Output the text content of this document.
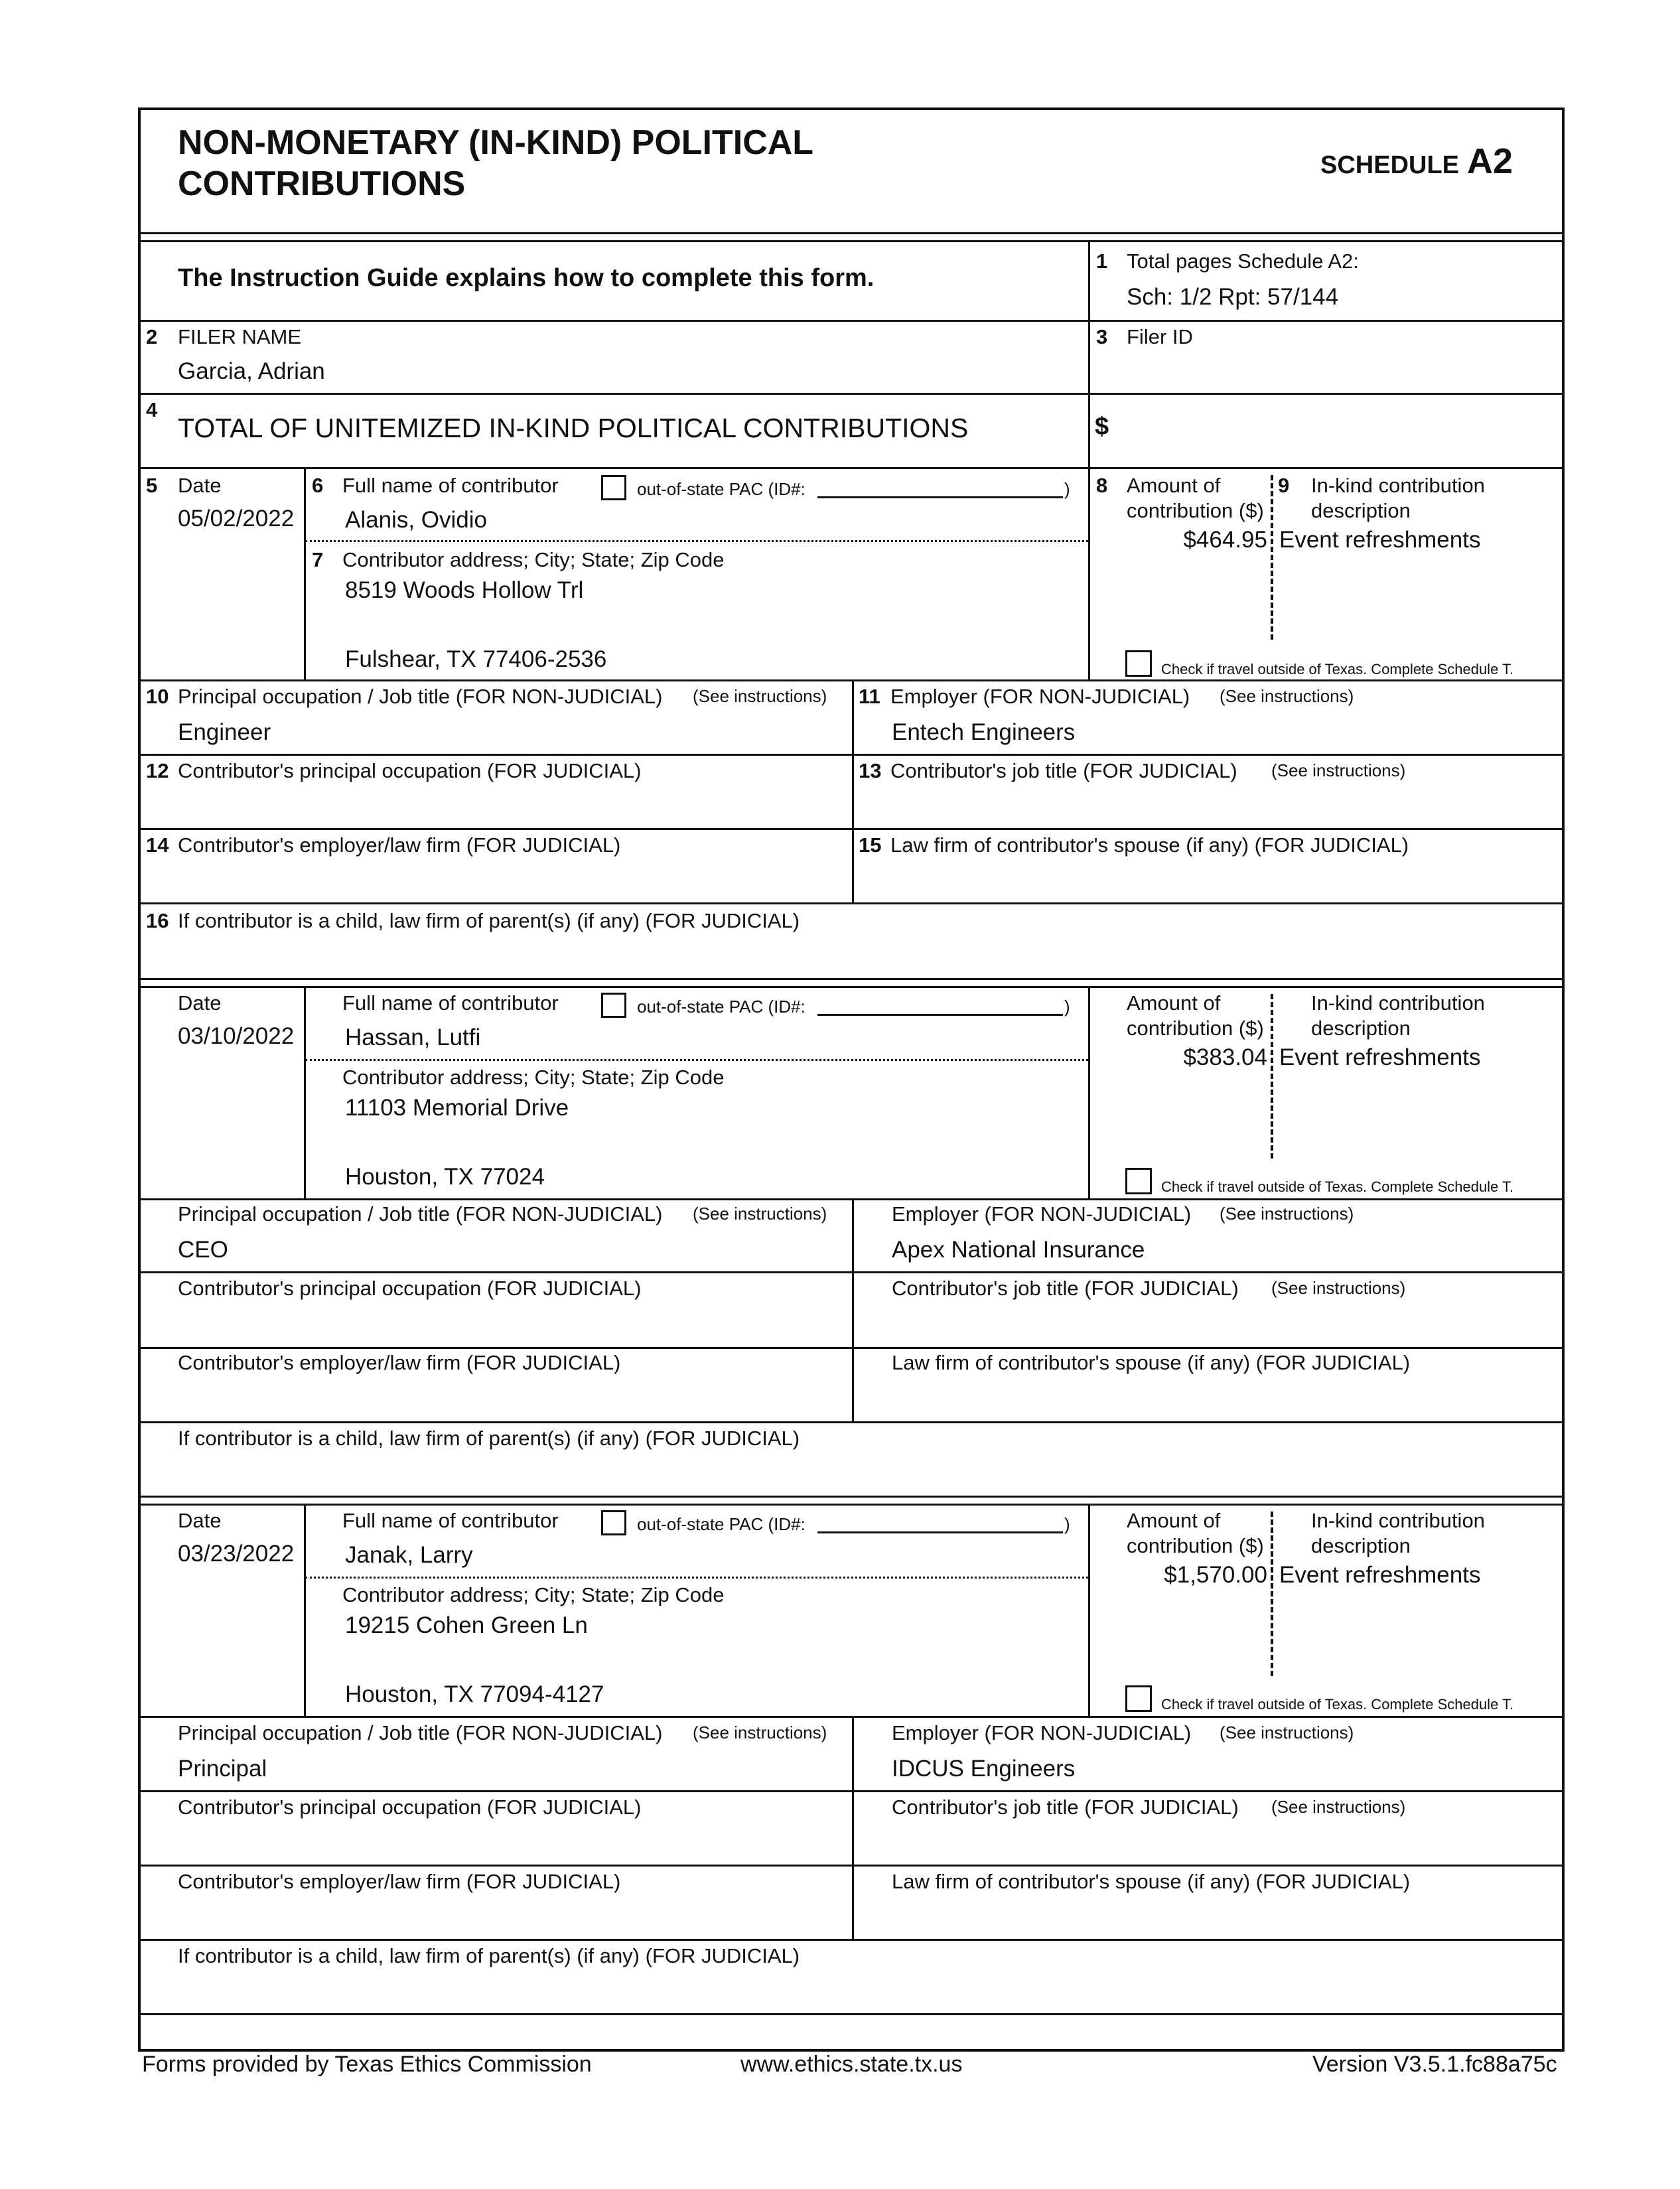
NON-MONETARY (IN-KIND) POLITICAL
CONTRIBUTIONS	SCHEDULE A2
The Instruction Guide explains how to complete this form.
1 Total pages Schedule A2:
Sch: 1/2 Rpt: 57/144
2 FILER NAME
Garcia, Adrian
3 Filer ID
4
TOTAL OF UNITEMIZED IN-KIND POLITICAL CONTRIBUTIONS	$
5 Date
05/02/2022
6 Full name of contributor	out-of-state PAC (ID#:	)
Alanis, Ovidio
7 Contributor address; City; State; Zip Code
8519 Woods Hollow Trl
Fulshear, TX 77406-2536
8 Amount of
contribution ($)
$464.95
9 In-kind contribution
description
Event refreshments
Check if travel outside of Texas. Complete Schedule T.
10 Principal occupation / Job title (FOR NON-JUDICIAL) (See instructions)
Engineer
11 Employer (FOR NON-JUDICIAL) (See instructions)
Entech Engineers
12 Contributor's principal occupation (FOR JUDICIAL)	13 Contributor's job title (FOR JUDICIAL) (See instructions)
14 Contributor's employer/law firm (FOR JUDICIAL)	15 Law firm of contributor's spouse (if any) (FOR JUDICIAL)
16 If contributor is a child, law firm of parent(s) (if any) (FOR JUDICIAL)
Date
03/10/2022
Full name of contributor	out-of-state PAC (ID#:	)
Hassan, Lutfi
Contributor address; City; State; Zip Code
11103 Memorial Drive
Houston, TX 77024
Amount of
contribution ($)
$383.04
In-kind contribution
description
Event refreshments
Check if travel outside of Texas. Complete Schedule T.
Principal occupation / Job title (FOR NON-JUDICIAL) (See instructions)
CEO
Employer (FOR NON-JUDICIAL) (See instructions)
Apex National Insurance
Contributor's principal occupation (FOR JUDICIAL)	Contributor's job title (FOR JUDICIAL) (See instructions)
Contributor's employer/law firm (FOR JUDICIAL)	Law firm of contributor's spouse (if any) (FOR JUDICIAL)
If contributor is a child, law firm of parent(s) (if any) (FOR JUDICIAL)
Date
03/23/2022
Full name of contributor	out-of-state PAC (ID#:	)
Janak, Larry
Contributor address; City; State; Zip Code
19215 Cohen Green Ln
Houston, TX 77094-4127
Amount of
contribution ($)
$1,570.00
In-kind contribution
description
Event refreshments
Check if travel outside of Texas. Complete Schedule T.
Principal occupation / Job title (FOR NON-JUDICIAL) (See instructions)
Principal
Employer (FOR NON-JUDICIAL) (See instructions)
IDCUS Engineers
Contributor's principal occupation (FOR JUDICIAL)	Contributor's job title (FOR JUDICIAL) (See instructions)
Contributor's employer/law firm (FOR JUDICIAL)	Law firm of contributor's spouse (if any) (FOR JUDICIAL)
If contributor is a child, law firm of parent(s) (if any) (FOR JUDICIAL)
Forms provided by Texas Ethics Commission	www.ethics.state.tx.us	Version V3.5.1.fc88a75c
